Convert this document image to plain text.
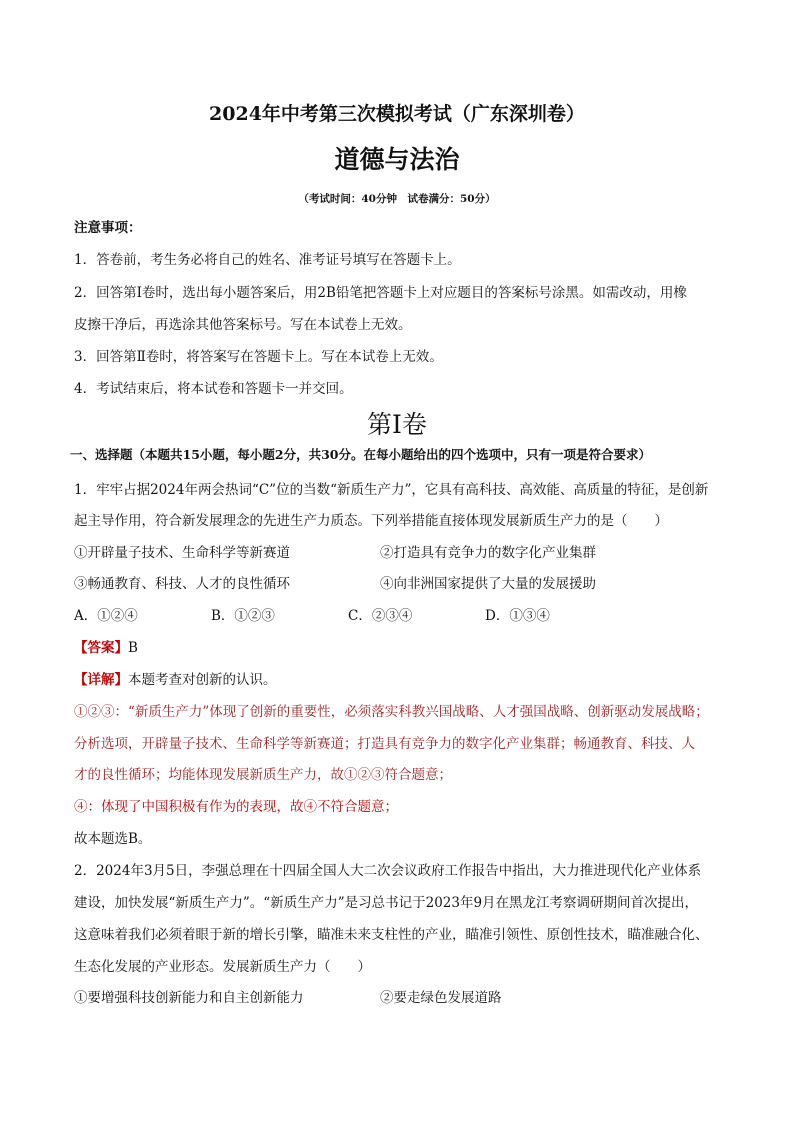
2024年中考第三次模拟考试（广东深圳卷）
道德与法治
（考试时间：40分钟　试卷满分：50分）
注意事项：
1．答卷前，考生务必将自己的姓名、准考证号填写在答题卡上。
2．回答第Ⅰ卷时，选出每小题答案后，用2B铅笔把答题卡上对应题目的答案标号涂黑。如需改动，用橡
皮擦干净后，再选涂其他答案标号。写在本试卷上无效。
3．回答第Ⅱ卷时，将答案写在答题卡上。写在本试卷上无效。
4．考试结束后，将本试卷和答题卡一并交回。
第Ⅰ卷
一、选择题（本题共15小题，每小题2分，共30分。在每小题给出的四个选项中，只有一项是符合要求）
1．牢牢占据2024年两会热词“C”位的当数“新质生产力”，它具有高科技、高效能、高质量的特征，是创新
起主导作用，符合新发展理念的先进生产力质态。下列举措能直接体现发展新质生产力的是（　　）
①开辟量子技术、生命科学等新赛道	②打造具有竞争力的数字化产业集群
③畅通教育、科技、人才的良性循环	④向非洲国家提供了大量的发展援助
A．①②④	B．①②③	C．②③④	D．①③④
【答案】B
【详解】本题考查对创新的认识。
①②③：“新质生产力”体现了创新的重要性，必须落实科教兴国战略、人才强国战略、创新驱动发展战略；
分析选项，开辟量子技术、生命科学等新赛道；打造具有竞争力的数字化产业集群；畅通教育、科技、人
才的良性循环；均能体现发展新质生产力，故①②③符合题意；
④：体现了中国积极有作为的表现，故④不符合题意；
故本题选B。
2．2024年3月5日，李强总理在十四届全国人大二次会议政府工作报告中指出，大力推进现代化产业体系
建设，加快发展“新质生产力”。“新质生产力”是习总书记于2023年9月在黑龙江考察调研期间首次提出，
这意味着我们必须着眼于新的增长引擎，瞄准未来支柱性的产业，瞄准引领性、原创性技术，瞄准融合化、
生态化发展的产业形态。发展新质生产力（　　）
①要增强科技创新能力和自主创新能力	②要走绿色发展道路
